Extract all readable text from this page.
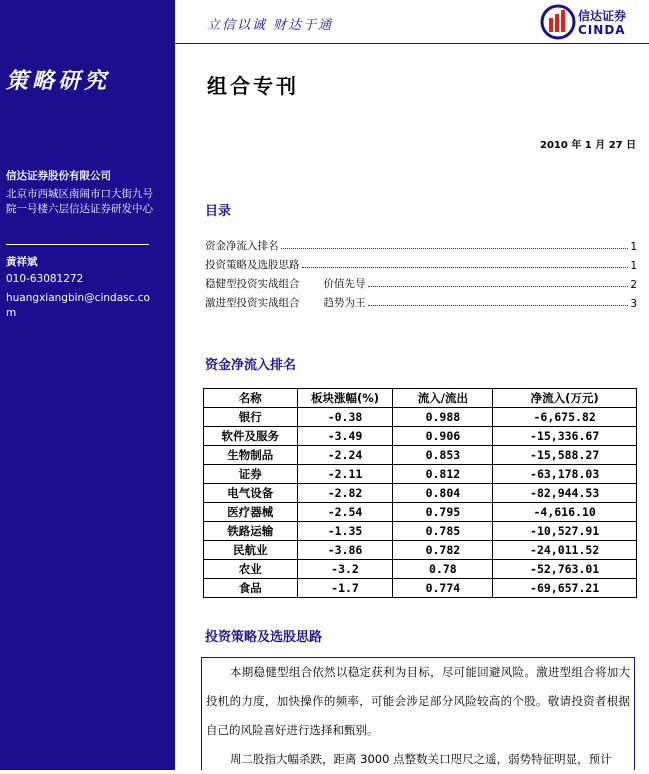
策略研究
信达证券股份有限公司
北京市西城区南闹市口大街九号院一号楼六层信达证券研发中心
黄祥斌
010-63081272
huangxiangbin@cindasc.com
立信以诚 财达于通
信达证券
CINDA
组合专刊
2010 年 1 月 27 日
目录
资金净流入排名	1
投资策略及选股思路	1
稳健型投资实战组合 价值先导	2
激进型投资实战组合 趋势为王	3
资金净流入排名
名称	板块涨幅(%)	流入/流出	净流入(万元)
银行	-0.38	0.988	-6,675.82
软件及服务	-3.49	0.906	-15,336.67
生物制品	-2.24	0.853	-15,588.27
证券	-2.11	0.812	-63,178.03
电气设备	-2.82	0.804	-82,944.53
医疗器械	-2.54	0.795	-4,616.10
铁路运输	-1.35	0.785	-10,527.91
民航业	-3.86	0.782	-24,011.52
农业	-3.2	0.78	-52,763.01
食品	-1.7	0.774	-69,657.21
投资策略及选股思路

本期稳健型组合依然以稳定获利为目标，尽可能回避风险。激进型组合将加大投机的力度，加快操作的频率，可能会涉足部分风险较高的个股。敬请投资者根据自己的风险喜好进行选择和甄别。

周二股指大幅杀跌，距离 3000 点整数关口咫尺之遥，弱势特征明显，预计
